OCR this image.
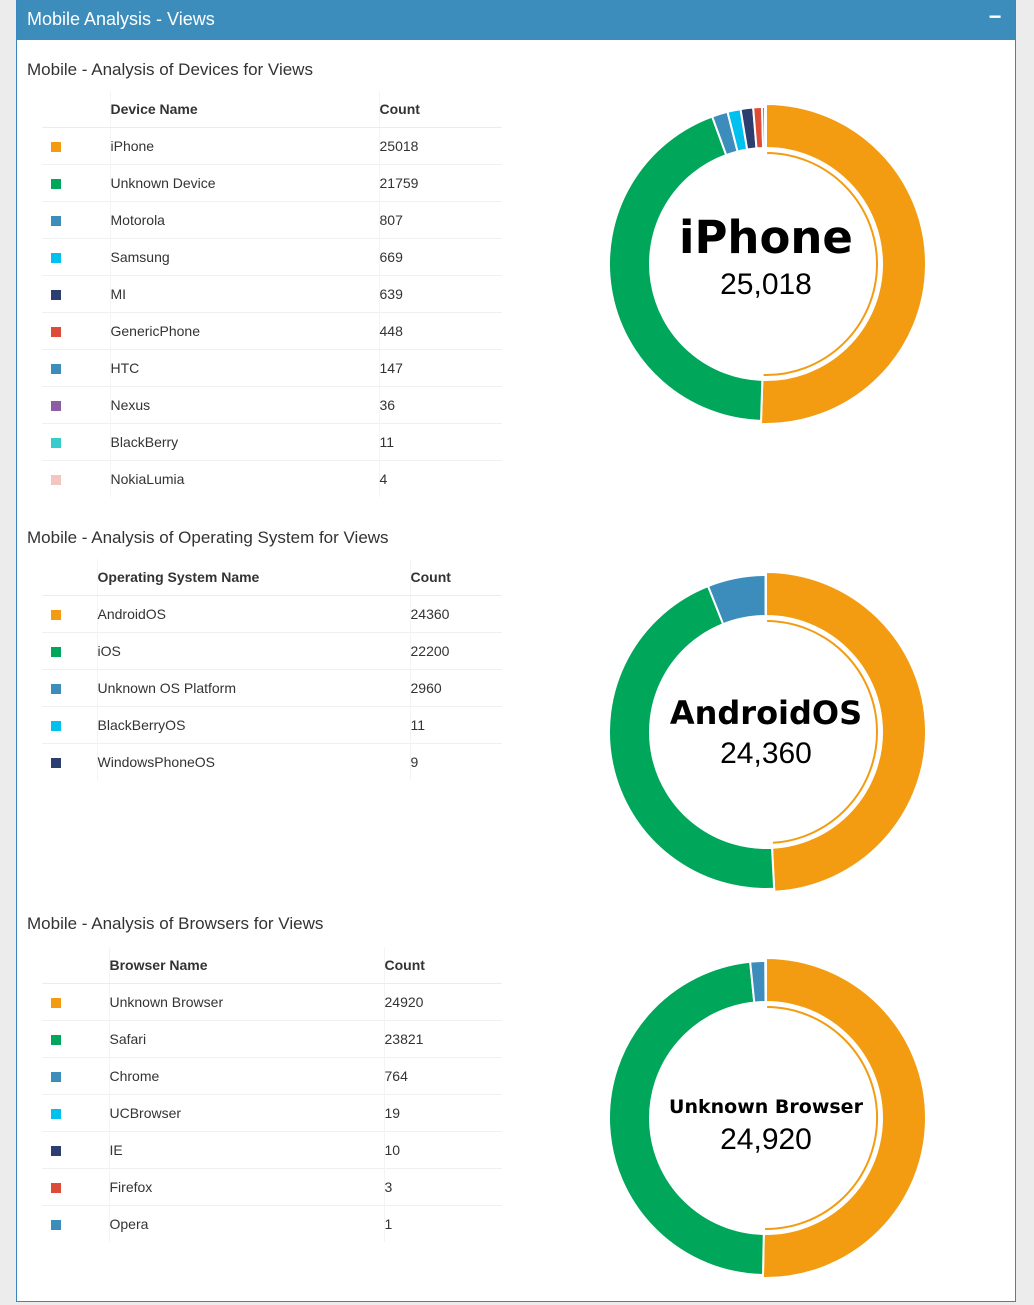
Mobile Analysis - Views	−
Mobile - Analysis of Devices for Views
	Device Name	Count
	iPhone	25018
	Unknown Device	21759
	Motorola	807
	Samsung	669
	MI	639
	GenericPhone	448
	HTC	147
	Nexus	36
	BlackBerry	11
	NokiaLumia	4
iPhone
25,018
Mobile - Analysis of Operating System for Views
	Operating System Name	Count
	AndroidOS	24360
	iOS	22200
	Unknown OS Platform	2960
	BlackBerryOS	11
	WindowsPhoneOS	9
AndroidOS
24,360
Mobile - Analysis of Browsers for Views
	Browser Name	Count
	Unknown Browser	24920
	Safari	23821
	Chrome	764
	UCBrowser	19
	IE	10
	Firefox	3
	Opera	1
Unknown Browser
24,920
